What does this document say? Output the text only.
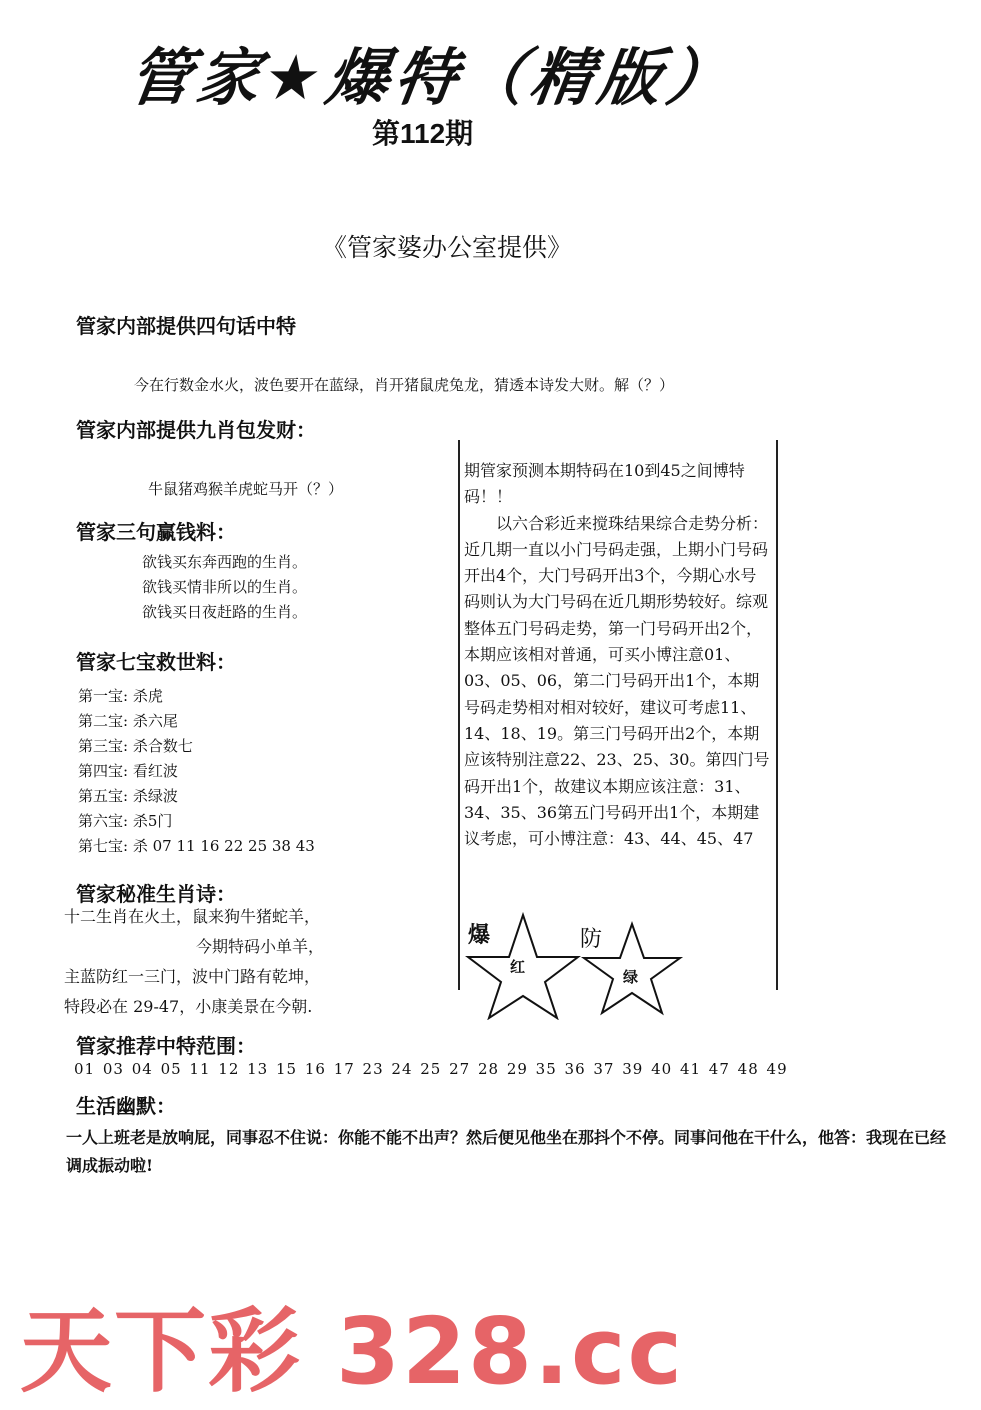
管家★爆特（精版）
第112期
《管家婆办公室提供》
管家内部提供四句话中特
今在行数金水火，波色要开在蓝绿，肖开猪鼠虎兔龙，猜透本诗发大财。解（？）
管家内部提供九肖包发财：
牛鼠猪鸡猴羊虎蛇马开（？）
管家三句赢钱料：
欲钱买东奔西跑的生肖。
欲钱买情非所以的生肖。
欲钱买日夜赶路的生肖。
管家七宝救世料：
第一宝: 杀虎
第二宝: 杀六尾
第三宝: 杀合数七
第四宝: 看红波
第五宝: 杀绿波
第六宝: 杀5门
第七宝: 杀 07 11 16 22 25 38 43
管家秘准生肖诗：
十二生肖在火土，鼠来狗牛猪蛇羊，
今期特码小单羊，
主蓝防红一三门，波中门路有乾坤，
特段必在 29-47，小康美景在今朝.

期管家预测本期特码在10到45之间博特码！！

以六合彩近来搅珠结果综合走势分析：近几期一直以小门号码走强，上期小门号码开出4个，大门号码开出3个，今期心水号码则认为大门号码在近几期形势较好。综观整体五门号码走势，第一门号码开出2个，本期应该相对普通，可买小博注意01、03、05、06，第二门号码开出1个，本期号码走势相对相对较好，建议可考虑11、14、18、19。第三门号码开出2个，本期应该特别注意22、23、25、30。第四门号码开出1个，故建议本期应该注意：31、34、35、36第五门号码开出1个，本期建议考虑，可小博注意：43、44、45、47

爆	防
红
绿
管家推荐中特范围：
01 03 04 05 11 12 13 15 16 17 23 24 25 27 28 29 35 36 37 39 40 41 47 48 49
生活幽默：
一人上班老是放响屁，同事忍不住说：你能不能不出声？然后便见他坐在那抖个不停。同事问他在干什么，他答：我现在已经调成振动啦!
天下彩 328.cc
